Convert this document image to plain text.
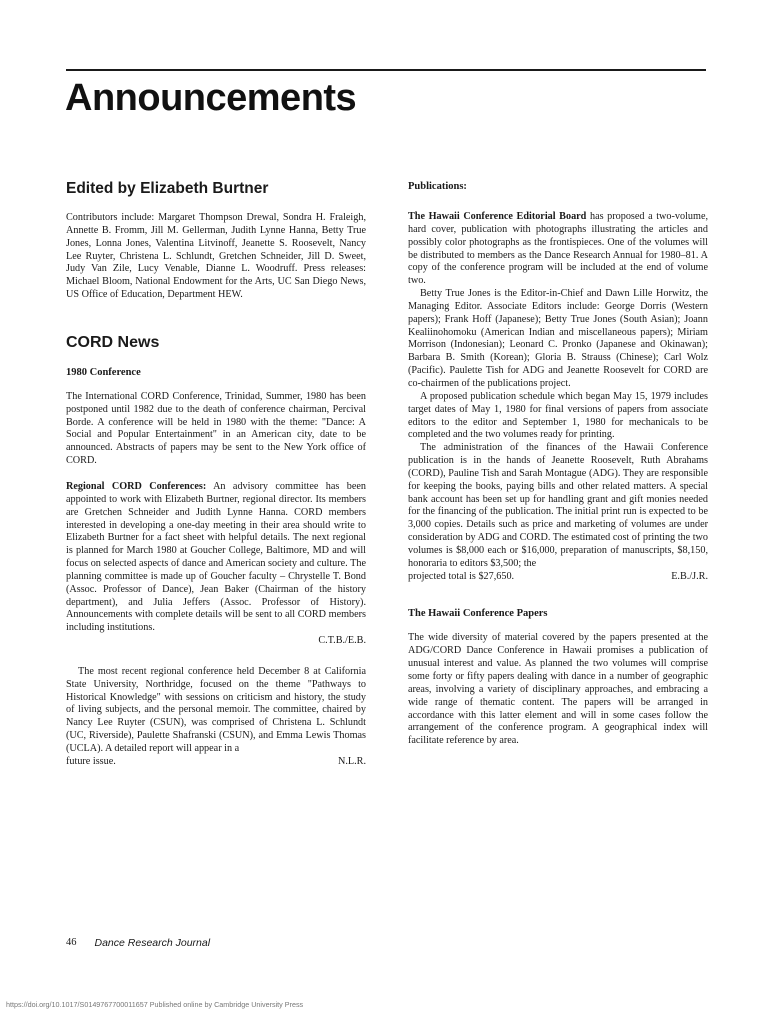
Announcements
Edited by Elizabeth Burtner

Contributors include: Margaret Thompson Drewal, Sondra H. Fraleigh, Annette B. Fromm, Jill M. Gellerman, Judith Lynne Hanna, Betty True Jones, Lonna Jones, Valentina Litvinoff, Jeanette S. Roosevelt, Nancy Lee Ruyter, Christena L. Schlundt, Gretchen Schneider, Jill D. Sweet, Judy Van Zile, Lucy Venable, Dianne L. Woodruff. Press releases: Michael Bloom, National Endowment for the Arts, UC San Diego News, US Office of Education, Department HEW.

CORD News
1980 Conference

The International CORD Conference, Trinidad, Summer, 1980 has been postponed until 1982 due to the death of conference chairman, Percival Borde. A conference will be held in 1980 with the theme: "Dance: A Social and Popular Entertainment" in an American city, date to be announced. Abstracts of papers may be sent to the New York office of CORD.

Regional CORD Conferences: An advisory committee has been appointed to work with Elizabeth Burtner, regional director. Its members are Gretchen Schneider and Judith Lynne Hanna. CORD members interested in developing a one-day meeting in their area should write to Elizabeth Burtner for a fact sheet with helpful details. The next regional is planned for March 1980 at Goucher College, Baltimore, MD and will focus on selected aspects of dance and American society and culture. The planning committee is made up of Goucher faculty – Chrystelle T. Bond (Assoc. Professor of Dance), Jean Baker (Chairman of the history department), and Julia Jeffers (Assoc. Professor of History). Announcements with complete details will be sent to all CORD members including institutions.

C.T.B./E.B.

The most recent regional conference held December 8 at California State University, Northridge, focused on the theme "Pathways to Historical Knowledge" with sessions on criticism and history, the study of living subjects, and the personal memoir. The committee, chaired by Nancy Lee Ruyter (CSUN), was comprised of Christena L. Schlundt (UC, Riverside), Paulette Shafranski (CSUN), and Emma Lewis Thomas (UCLA). A detailed report will appear in a

future issue.	N.L.R.
Publications:

The Hawaii Conference Editorial Board has proposed a two-volume, hard cover, publication with photographs illustrating the articles and possibly color photographs as the frontispieces. One of the volumes will be distributed to members as the Dance Research Annual for 1980–81. A copy of the conference program will be included at the end of volume two.

Betty True Jones is the Editor-in-Chief and Dawn Lille Horwitz, the Managing Editor. Associate Editors include: George Dorris (Western papers); Frank Hoff (Japanese); Betty True Jones (South Asian); Joann Kealiinohomoku (American Indian and miscellaneous papers); Miriam Morrison (Indonesian); Leonard C. Pronko (Japanese and Okinawan); Barbara B. Smith (Korean); Gloria B. Strauss (Chinese); Carl Wolz (Pacific). Paulette Tish for ADG and Jeanette Roosevelt for CORD are co-chairmen of the publications project.

A proposed publication schedule which began May 15, 1979 includes target dates of May 1, 1980 for final versions of papers from associate editors to the editor and September 1, 1980 for mechanicals to be completed and the two volumes ready for printing.

The administration of the finances of the Hawaii Conference publication is in the hands of Jeanette Roosevelt, Ruth Abrahams (CORD), Pauline Tish and Sarah Montague (ADG). They are responsible for keeping the books, paying bills and other related matters. A special bank account has been set up for handling grant and gift monies needed for the financing of the publication. The initial print run is expected to be 3,000 copies. Details such as price and marketing of volumes are under consideration by ADG and CORD. The estimated cost of printing the two volumes is $8,000 each or $16,000, preparation of manuscripts, $8,150, honoraria to editors $3,500; the

projected total is $27,650.	E.B./J.R.
The Hawaii Conference Papers

The wide diversity of material covered by the papers presented at the ADG/CORD Dance Conference in Hawaii promises a publication of unusual interest and value. As planned the two volumes will comprise some forty or fifty papers dealing with dance in a number of geographic areas, involving a variety of disciplinary approaches, and embracing a wide range of thematic content. The papers will be arranged in accordance with this latter element and will in some cases follow the arrangement of the conference program. A geographical index will facilitate reference by area.

46 Dance Research Journal
https://doi.org/10.1017/S0149767700011657 Published online by Cambridge University Press
